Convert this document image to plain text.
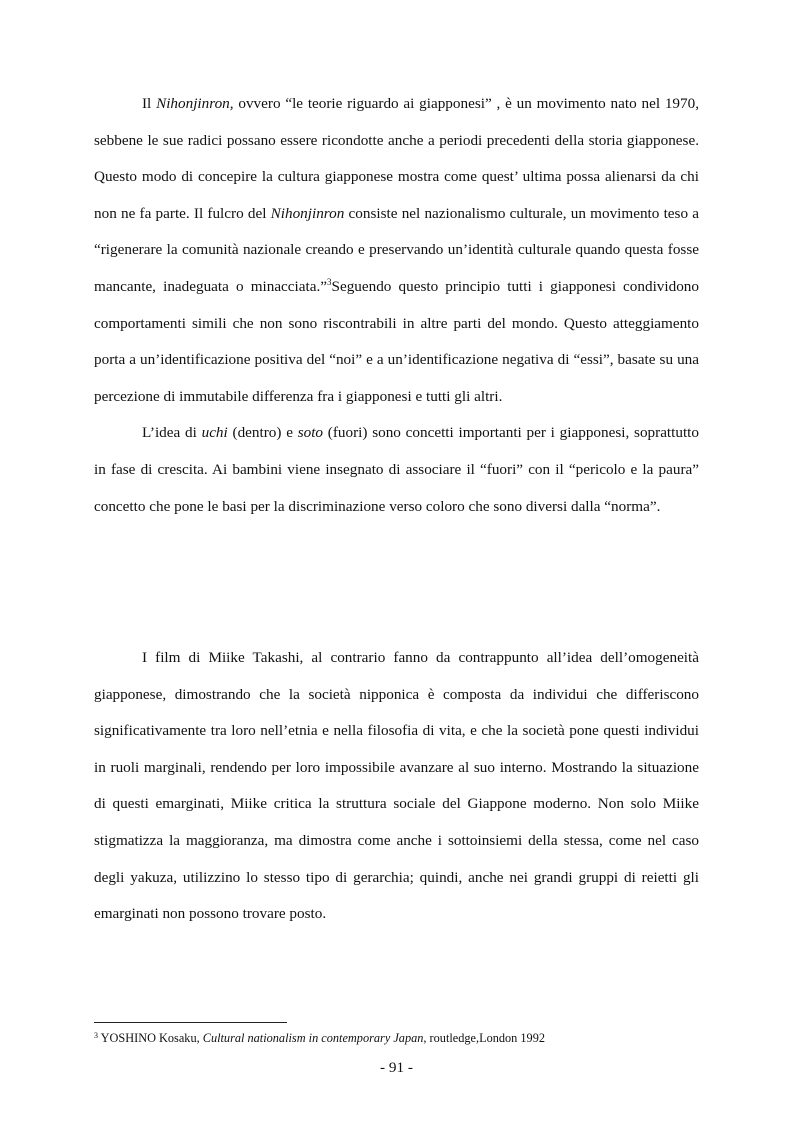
Il Nihonjinron, ovvero “le teorie riguardo ai giapponesi” , è un movimento nato nel 1970, sebbene le sue radici possano essere ricondotte anche a periodi precedenti della storia giapponese. Questo modo di concepire la cultura giapponese mostra come quest’ ultima possa alienarsi da chi non ne fa parte. Il fulcro del Nihonjinron consiste nel nazionalismo culturale, un movimento teso a “rigenerare la comunità nazionale creando e preservando un’identità culturale quando questa fosse mancante, inadeguata o minacciata.”$^3$Seguendo questo principio tutti i giapponesi condividono comportamenti simili che non sono riscontrabili in altre parti del mondo. Questo atteggiamento porta a un’identificazione positiva del “noi” e a un’identificazione negativa di “essi”, basate su una percezione di immutabile differenza fra i giapponesi e tutti gli altri.

L’idea di uchi (dentro) e soto (fuori) sono concetti importanti per i giapponesi, soprattutto in fase di crescita. Ai bambini viene insegnato di associare il “fuori” con il “pericolo e la paura” concetto che pone le basi per la discriminazione verso coloro che sono diversi dalla “norma”.

I film di Miike Takashi, al contrario fanno da contrappunto all’idea dell’omogeneità giapponese, dimostrando che la società nipponica è composta da individui che differiscono significativamente tra loro nell’etnia e nella filosofia di vita, e che la società pone questi individui in ruoli marginali, rendendo per loro impossibile avanzare al suo interno. Mostrando la situazione di questi emarginati, Miike critica la struttura sociale del Giappone moderno. Non solo Miike stigmatizza la maggioranza, ma dimostra come anche i sottoinsiemi della stessa, come nel caso degli yakuza, utilizzino lo stesso tipo di gerarchia; quindi, anche nei grandi gruppi di reietti gli emarginati non possono trovare posto.

$^3$ YOSHINO Kosaku, Cultural nationalism in contemporary Japan, routledge,London 1992
- 91 -
